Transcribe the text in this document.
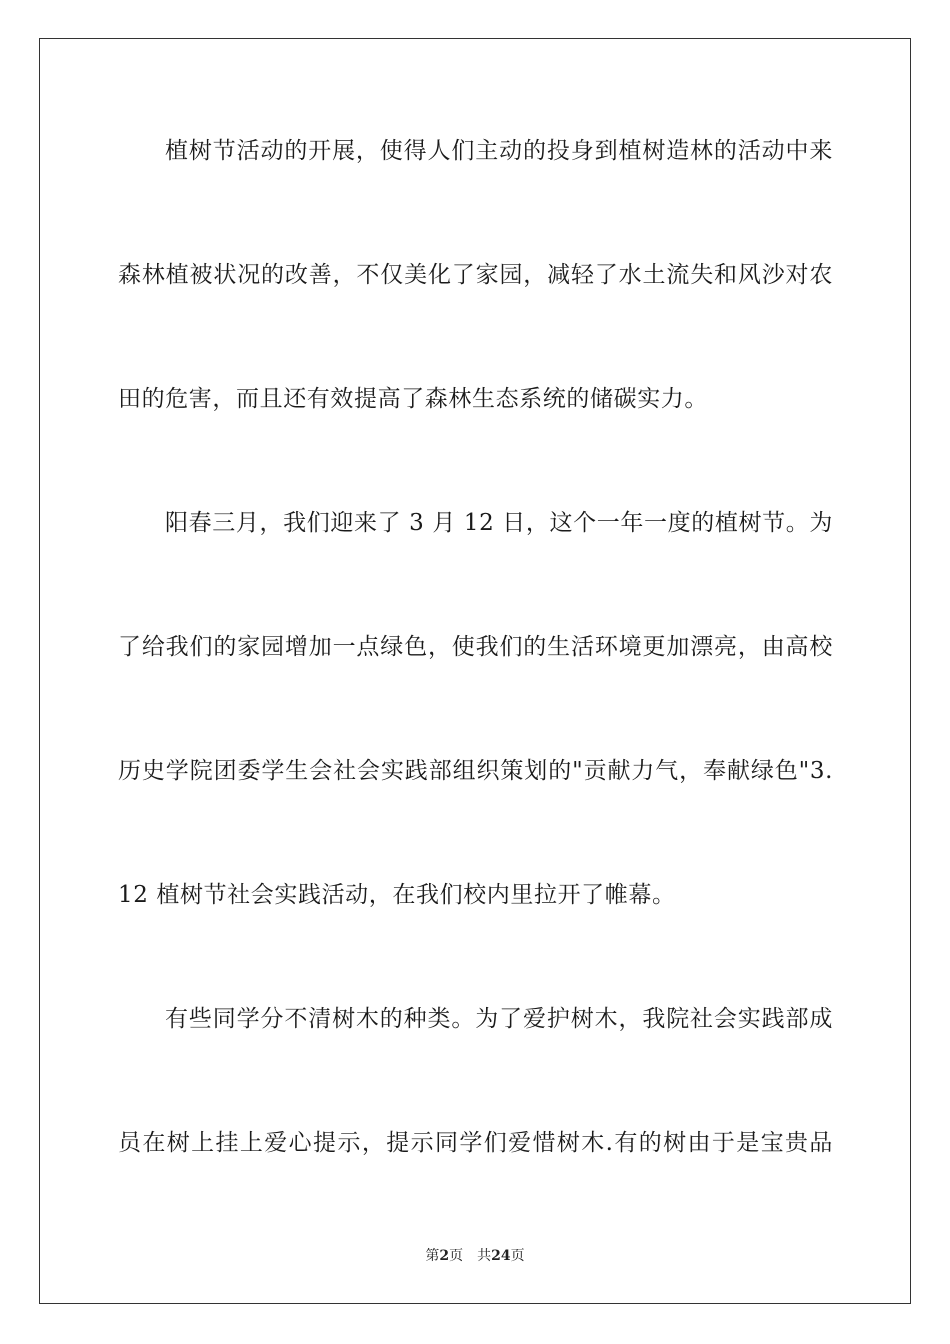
植树节活动的开展，使得人们主动的投身到植树造林的活动中来
森林植被状况的改善，不仅美化了家园，减轻了水土流失和风沙对农
田的危害，而且还有效提高了森林生态系统的储碳实力。
阳春三月，我们迎来了 3 月 12 日，这个一年一度的植树节。为
了给我们的家园增加一点绿色，使我们的生活环境更加漂亮，由高校
历史学院团委学生会社会实践部组织策划的"贡献力气，奉献绿色"3.
12 植树节社会实践活动，在我们校内里拉开了帷幕。
有些同学分不清树木的种类。为了爱护树木，我院社会实践部成
员在树上挂上爱心提示，提示同学们爱惜树木.有的树由于是宝贵品
第2页 共24页
